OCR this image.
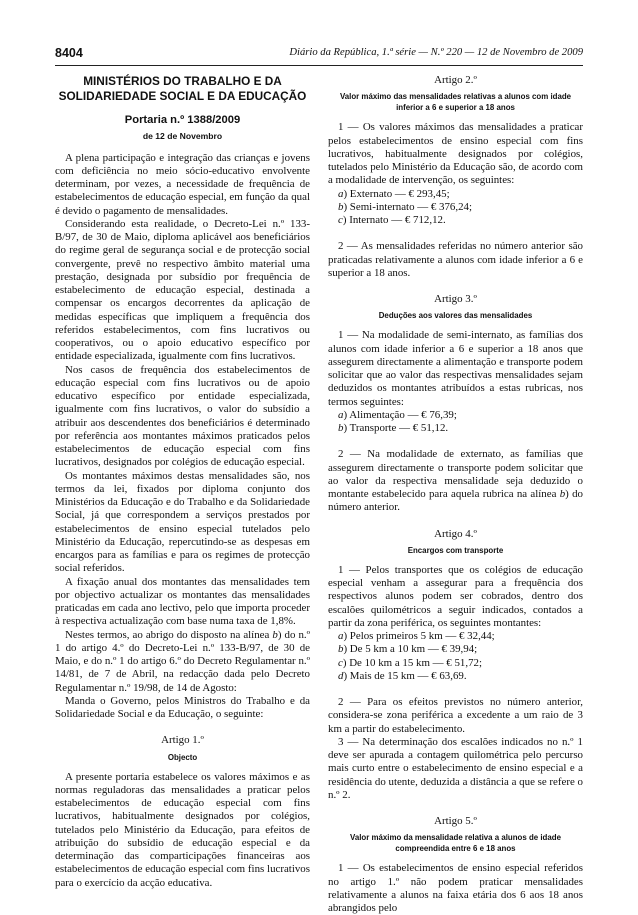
8404	Diário da República, 1.ª série — N.º 220 — 12 de Novembro de 2009

MINISTÉRIOS DO TRABALHO E DA SOLIDARIEDADE SOCIAL E DA EDUCAÇÃO

Portaria n.º 1388/2009

de 12 de Novembro

A plena participação e integração das crianças e jovens com deficiência no meio sócio-educativo envolvente determinam, por vezes, a necessidade de frequência de estabelecimentos de educação especial, em função da qual é devido o pagamento de mensalidades.

Considerando esta realidade, o Decreto-Lei n.º 133-B/97, de 30 de Maio, diploma aplicável aos beneficiários do regime geral de segurança social e de protecção social convergente, prevê no respectivo âmbito material uma prestação, designada por subsídio por frequência de estabelecimento de educação especial, destinada a compensar os encargos decorrentes da aplicação de medidas específicas que impliquem a frequência dos referidos estabelecimentos, com fins lucrativos ou cooperativos, ou o apoio educativo específico por entidade especializada, igualmente com fins lucrativos.

Nos casos de frequência dos estabelecimentos de educação especial com fins lucrativos ou de apoio educativo específico por entidade especializada, igualmente com fins lucrativos, o valor do subsídio a atribuir aos descendentes dos beneficiários é determinado por referência aos montantes máximos praticados pelos estabelecimentos de educação especial com fins lucrativos, designados por colégios de educação especial.

Os montantes máximos destas mensalidades são, nos termos da lei, fixados por diploma conjunto dos Ministérios da Educação e do Trabalho e da Solidariedade Social, já que correspondem a serviços prestados por estabelecimentos de ensino especial tutelados pelo Ministério da Educação, repercutindo-se as despesas em encargos para as famílias e para os regimes de protecção social referidos.

A fixação anual dos montantes das mensalidades tem por objectivo actualizar os montantes das mensalidades praticadas em cada ano lectivo, pelo que importa proceder à respectiva actualização com base numa taxa de 1,8%.

Nestes termos, ao abrigo do disposto na alínea b) do n.º 1 do artigo 4.º do Decreto-Lei n.º 133-B/97, de 30 de Maio, e do n.º 1 do artigo 6.º do Decreto Regulamentar n.º 14/81, de 7 de Abril, na redacção dada pelo Decreto Regulamentar n.º 19/98, de 14 de Agosto:

Manda o Governo, pelos Ministros do Trabalho e da Solidariedade Social e da Educação, o seguinte:

Artigo 1.º

Objecto

A presente portaria estabelece os valores máximos e as normas reguladoras das mensalidades a praticar pelos estabelecimentos de educação especial com fins lucrativos, habitualmente designados por colégios, tutelados pelo Ministério da Educação, para efeitos de atribuição do subsídio de educação especial e da determinação das comparticipações financeiras aos estabelecimentos de educação especial com fins lucrativos para o exercício da acção educativa.

Artigo 2.º

Valor máximo das mensalidades relativas a alunos com idade inferior a 6 e superior a 18 anos

1 — Os valores máximos das mensalidades a praticar pelos estabelecimentos de ensino especial com fins lucrativos, habitualmente designados por colégios, tutelados pelo Ministério da Educação são, de acordo com a modalidade de intervenção, os seguintes:

a) Externato — € 293,45;

b) Semi-internato — € 376,24;

c) Internato — € 712,12.

2 — As mensalidades referidas no número anterior são praticadas relativamente a alunos com idade inferior a 6 e superior a 18 anos.

Artigo 3.º

Deduções aos valores das mensalidades

1 — Na modalidade de semi-internato, as famílias dos alunos com idade inferior a 6 e superior a 18 anos que assegurem directamente a alimentação e transporte podem solicitar que ao valor das respectivas mensalidades sejam deduzidos os montantes atribuídos a estas rubricas, nos termos seguintes:

a) Alimentação — € 76,39;

b) Transporte — € 51,12.

2 — Na modalidade de externato, as famílias que assegurem directamente o transporte podem solicitar que ao valor da respectiva mensalidade seja deduzido o montante estabelecido para aquela rubrica na alínea b) do número anterior.

Artigo 4.º

Encargos com transporte

1 — Pelos transportes que os colégios de educação especial venham a assegurar para a frequência dos respectivos alunos podem ser cobrados, dentro dos escalões quilométricos a seguir indicados, contados a partir da zona periférica, os seguintes montantes:

a) Pelos primeiros 5 km — € 32,44;

b) De 5 km a 10 km — € 39,94;

c) De 10 km a 15 km — € 51,72;

d) Mais de 15 km — € 63,69.

2 — Para os efeitos previstos no número anterior, considera-se zona periférica a excedente a um raio de 3 km a partir do estabelecimento.

3 — Na determinação dos escalões indicados no n.º 1 deve ser apurada a contagem quilométrica pelo percurso mais curto entre o estabelecimento de ensino especial e a residência do utente, deduzida a distância a que se refere o n.º 2.

Artigo 5.º

Valor máximo da mensalidade relativa a alunos de idade compreendida entre 6 e 18 anos

1 — Os estabelecimentos de ensino especial referidos no artigo 1.º não podem praticar mensalidades relativamente a alunos na faixa etária dos 6 aos 18 anos abrangidos pelo
